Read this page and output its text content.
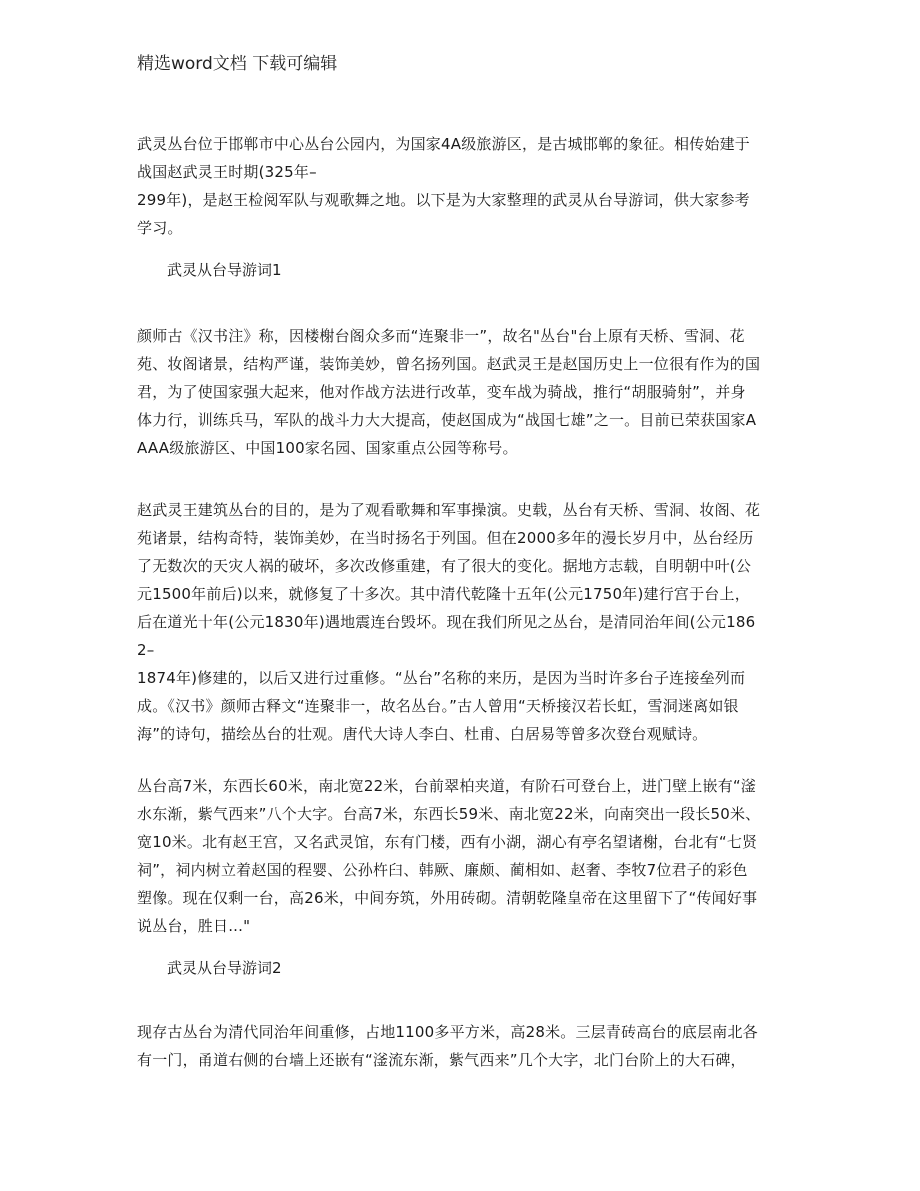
精选word文档 下载可编辑
武灵丛台位于邯郸市中心丛台公园内，为国家4A级旅游区，是古城邯郸的象征。相传始建于
战国赵武灵王时期(325年–
299年)，是赵王检阅军队与观歌舞之地。以下是为大家整理的武灵从台导游词，供大家参考
学习。
武灵从台导游词1
颜师古《汉书注》称，因楼榭台阁众多而“连聚非一”，故名"丛台"台上原有天桥、雪洞、花
苑、妆阁诸景，结构严谨，装饰美妙，曾名扬列国。赵武灵王是赵国历史上一位很有作为的国
君，为了使国家强大起来，他对作战方法进行改革，变车战为骑战，推行“胡服骑射”，并身
体力行，训练兵马，军队的战斗力大大提高，使赵国成为“战国七雄”之一。目前已荣获国家A
AAA级旅游区、中国100家名园、国家重点公园等称号。
赵武灵王建筑丛台的目的，是为了观看歌舞和军事操演。史载，丛台有天桥、雪洞、妆阁、花
苑诸景，结构奇特，装饰美妙，在当时扬名于列国。但在2000多年的漫长岁月中，丛台经历
了无数次的天灾人祸的破坏，多次改修重建，有了很大的变化。据地方志载，自明朝中叶(公
元1500年前后)以来，就修复了十多次。其中清代乾隆十五年(公元1750年)建行宫于台上，
后在道光十年(公元1830年)遇地震连台毁坏。现在我们所见之丛台，是清同治年间(公元186
2–
1874年)修建的，以后又进行过重修。“丛台”名称的来历，是因为当时许多台子连接垒列而
成。《汉书》颜师古释文“连聚非一，故名丛台。”古人曾用“天桥接汉若长虹，雪洞迷离如银
海”的诗句，描绘丛台的壮观。唐代大诗人李白、杜甫、白居易等曾多次登台观赋诗。
丛台高7米，东西长60米，南北宽22米，台前翠柏夹道，有阶石可登台上，进门壁上嵌有“滏
水东渐，紫气西来”八个大字。台高7米，东西长59米、南北宽22米，向南突出一段长50米、
宽10米。北有赵王宫，又名武灵馆，东有门楼，西有小湖，湖心有亭名望诸榭，台北有“七贤
祠”，祠内树立着赵国的程婴、公孙杵臼、韩厥、廉颇、蔺相如、赵奢、李牧7位君子的彩色
塑像。现在仅剩一台，高26米，中间夯筑，外用砖砌。清朝乾隆皇帝在这里留下了“传闻好事
说丛台，胜日..."
武灵从台导游词2
现存古丛台为清代同治年间重修，占地1100多平方米，高28米。三层青砖高台的底层南北各
有一门，甬道右侧的台墙上还嵌有“滏流东渐，紫气西来”几个大字，北门台阶上的大石碑，
